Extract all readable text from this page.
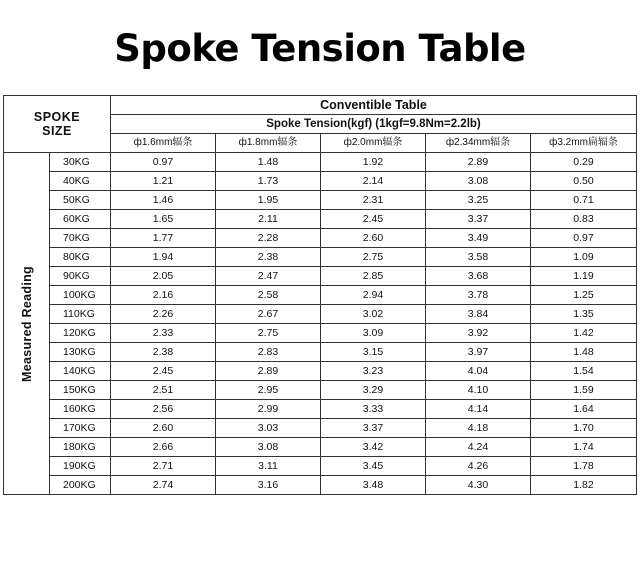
Spoke Tension Table
SPOKE
SIZE		Conventible Table				
		Spoke Tension(kgf) (1kgf=9.8Nm=2.2lb)				
		ф1.6mm辐条	ф1.8mm辐条	ф2.0mm辐条	ф2.34mm辐条	ф3.2mm扁辐条

Measured Reading	30KG	0.97	1.48	1.92	2.89	0.29
	40KG	1.21	1.73	2.14	3.08	0.50
	50KG	1.46	1.95	2.31	3.25	0.71
	60KG	1.65	2.11	2.45	3.37	0.83
	70KG	1.77	2.28	2.60	3.49	0.97
	80KG	1.94	2.38	2.75	3.58	1.09
	90KG	2.05	2.47	2.85	3.68	1.19
	100KG	2.16	2.58	2.94	3.78	1.25
	110KG	2.26	2.67	3.02	3.84	1.35
	120KG	2.33	2.75	3.09	3.92	1.42
	130KG	2.38	2.83	3.15	3.97	1.48
	140KG	2.45	2.89	3.23	4.04	1.54
	150KG	2.51	2.95	3.29	4.10	1.59
	160KG	2.56	2.99	3.33	4.14	1.64
	170KG	2.60	3.03	3.37	4.18	1.70
	180KG	2.66	3.08	3.42	4.24	1.74
	190KG	2.71	3.11	3.45	4.26	1.78
	200KG	2.74	3.16	3.48	4.30	1.82
